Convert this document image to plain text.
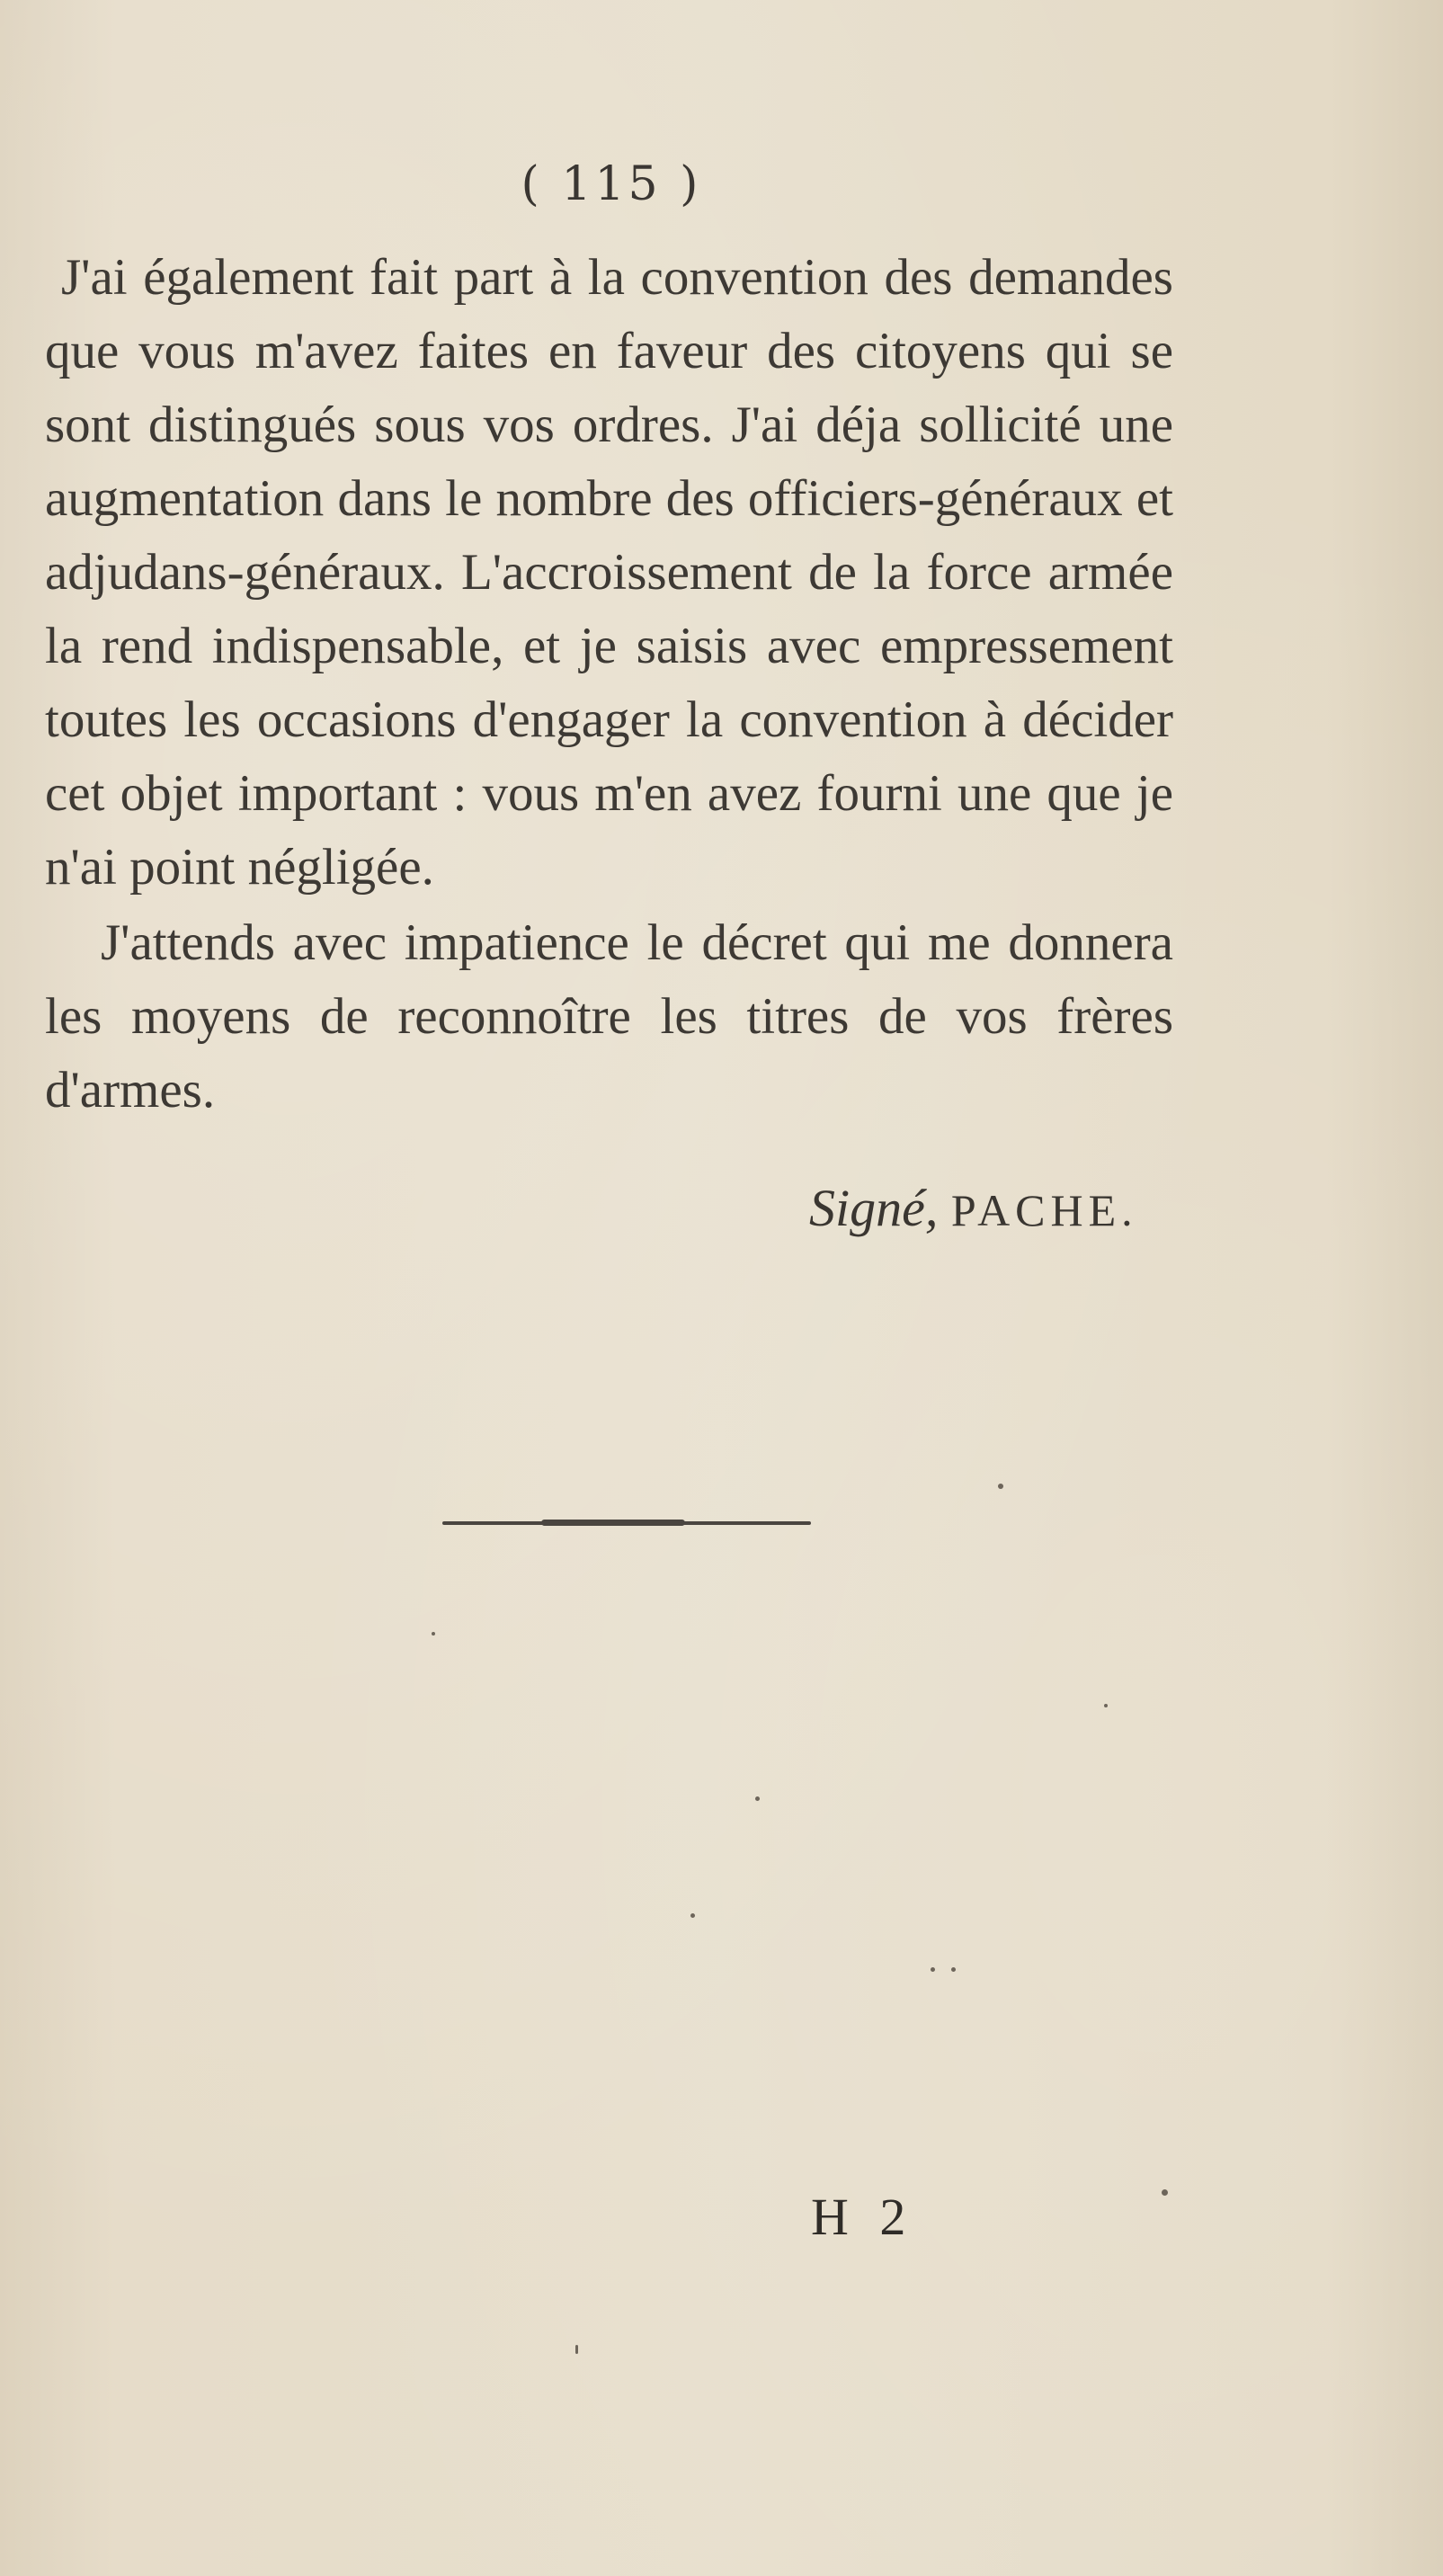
( 115 )

J'ai également fait part à la convention des demandes que vous m'avez faites en faveur des citoyens qui se sont distingués sous vos ordres. J'ai déja sollicité une augmentation dans le nombre des officiers-généraux et adjudans-généraux. L'accroissement de la force armée la rend indispensable, et je saisis avec empressement toutes les occasions d'engager la convention à décider cet objet important : vous m'en avez fourni une que je n'ai point négligée.

J'attends avec impatience le décret qui me donnera les moyens de reconnoître les titres de vos frères d'armes.

Signé, PACHE.
H 2
